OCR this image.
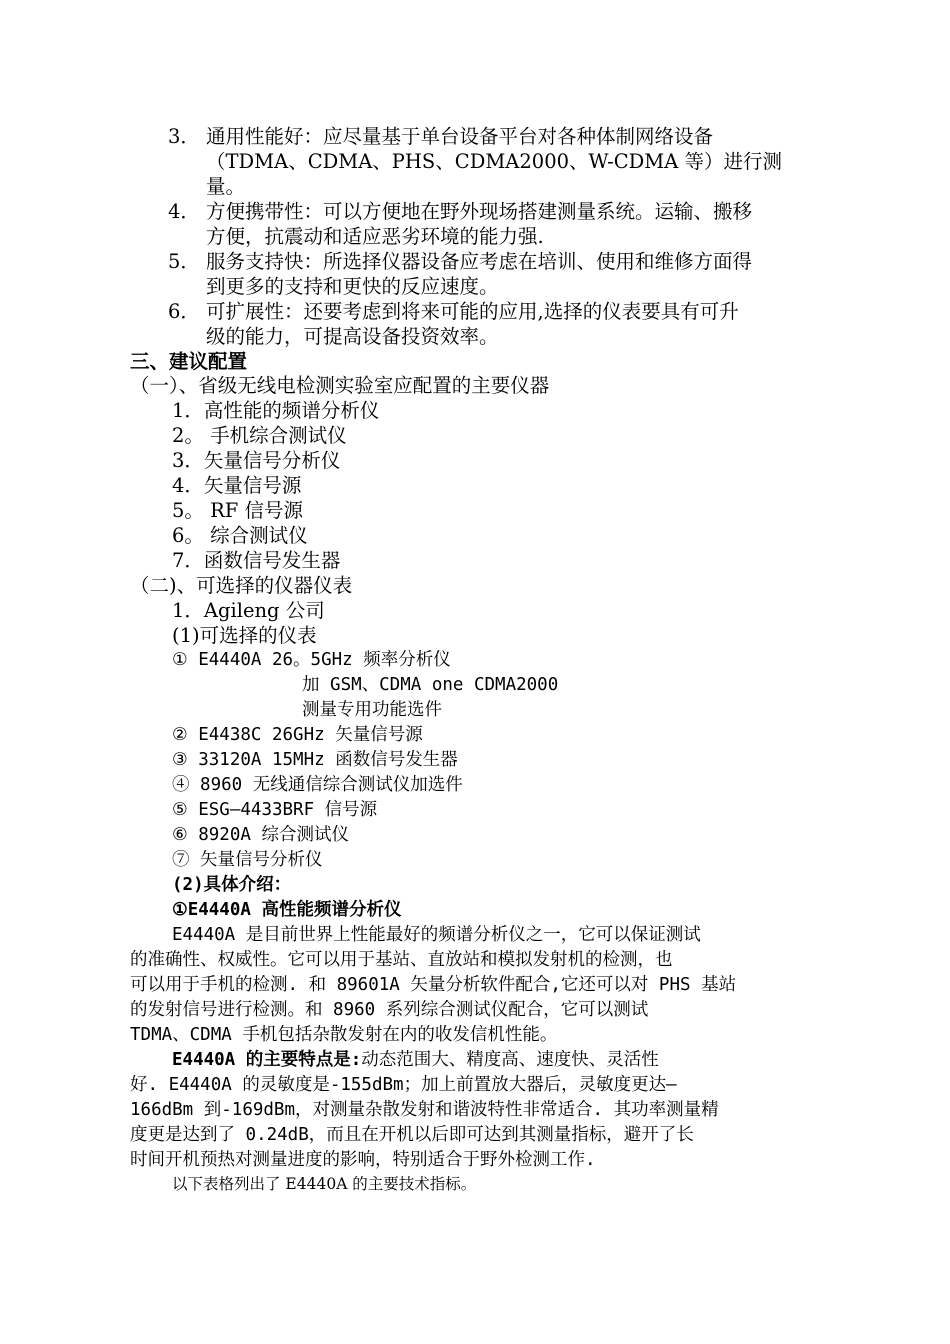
3． 通用性能好：应尽量基于单台设备平台对各种体制网络设备
（TDMA、CDMA、PHS、CDMA2000、W-CDMA 等）进行测
量。
4． 方便携带性：可以方便地在野外现场搭建测量系统。运输、搬移
方便，抗震动和适应恶劣环境的能力强.
5． 服务支持快：所选择仪器设备应考虑在培训、使用和维修方面得
到更多的支持和更快的反应速度。
6． 可扩展性：还要考虑到将来可能的应用,选择的仪表要具有可升
级的能力，可提高设备投资效率。
三、建议配置
（一）、省级无线电检测实验室应配置的主要仪器
1．高性能的频谱分析仪
2。 手机综合测试仪
3．矢量信号分析仪
4．矢量信号源
5。 RF 信号源
6。 综合测试仪
7．函数信号发生器
（二)、可选择的仪器仪表
1．Agileng 公司
(1)可选择的仪表
① E4440A 26。5GHz 频率分析仪
加 GSM、CDMA one CDMA2000
测量专用功能选件
② E4438C 26GHz 矢量信号源
③ 33120A 15MHz 函数信号发生器
④ 8960 无线通信综合测试仪加选件
⑤ ESG—4433BRF 信号源
⑥ 8920A 综合测试仪
⑦ 矢量信号分析仪
(2)具体介绍：
①E4440A 高性能频谱分析仪
E4440A 是目前世界上性能最好的频谱分析仪之一，它可以保证测试
的准确性、权威性。它可以用于基站、直放站和模拟发射机的检测，也
可以用于手机的检测. 和 89601A 矢量分析软件配合,它还可以对 PHS 基站
的发射信号进行检测。和 8960 系列综合测试仪配合，它可以测试
TDMA、CDMA 手机包括杂散发射在内的收发信机性能。
E4440A 的主要特点是:动态范围大、精度高、速度快、灵活性
好. E4440A 的灵敏度是-155dBm；加上前置放大器后，灵敏度更达—
166dBm 到-169dBm，对测量杂散发射和谐波特性非常适合. 其功率测量精
度更是达到了 0.24dB，而且在开机以后即可达到其测量指标，避开了长
时间开机预热对测量进度的影响，特别适合于野外检测工作.
以下表格列出了 E4440A 的主要技术指标。
